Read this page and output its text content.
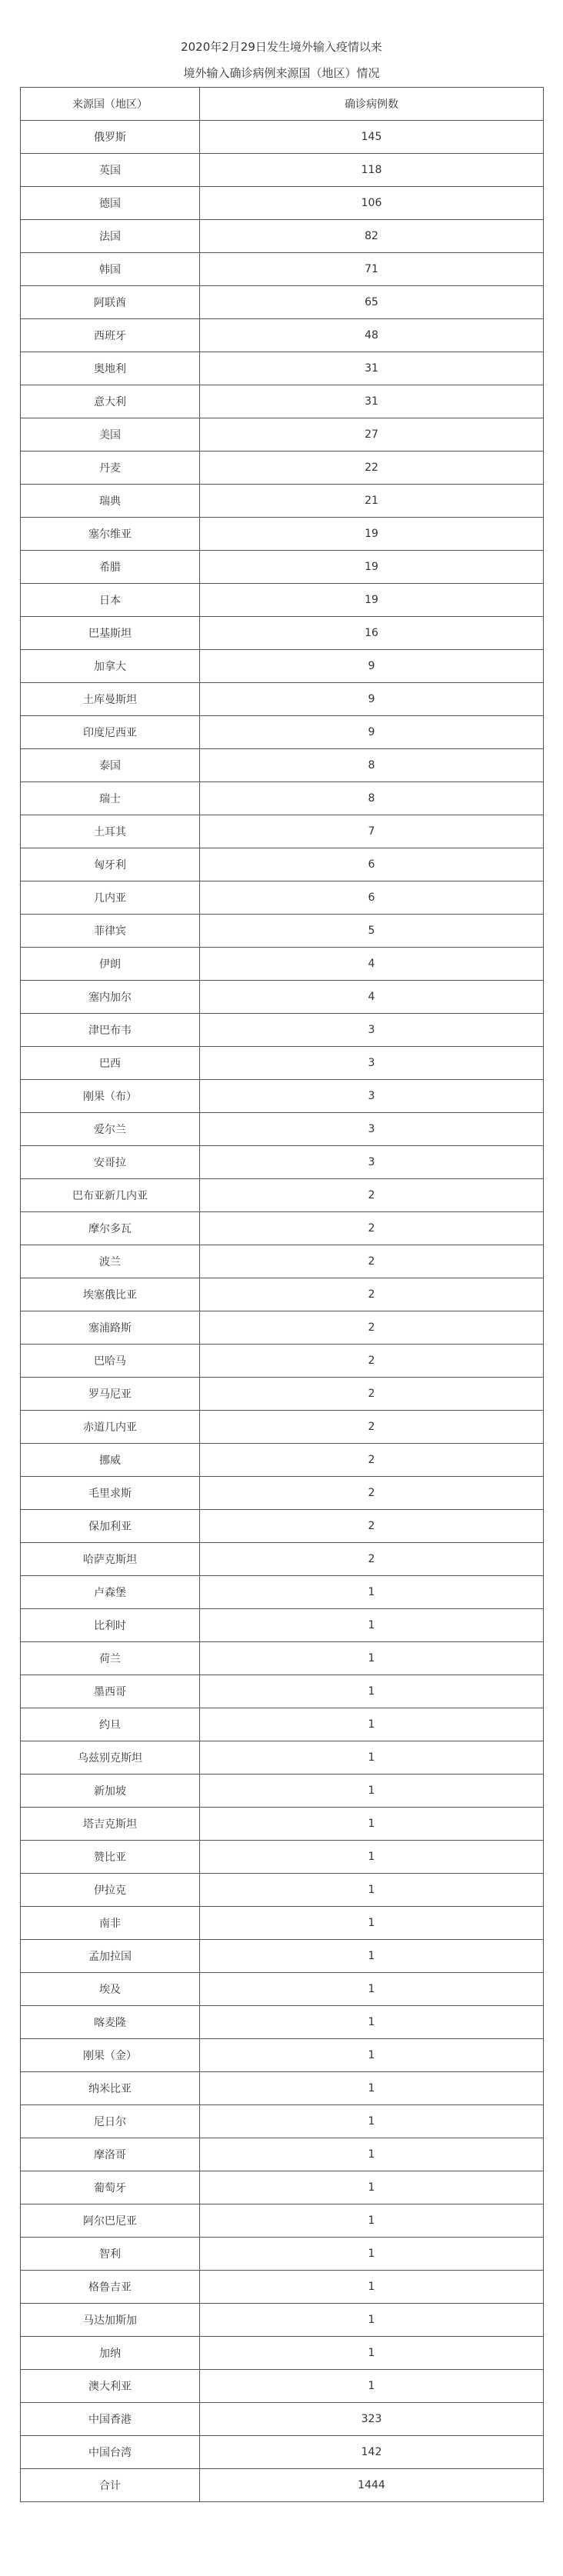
2020年2月29日发生境外输入疫情以来
境外输入确诊病例来源国（地区）情况
来源国（地区）	确诊病例数
俄罗斯	145
英国	118
德国	106
法国	82
韩国	71
阿联酋	65
西班牙	48
奥地利	31
意大利	31
美国	27
丹麦	22
瑞典	21
塞尔维亚	19
希腊	19
日本	19
巴基斯坦	16
加拿大	9
土库曼斯坦	9
印度尼西亚	9
泰国	8
瑞士	8
土耳其	7
匈牙利	6
几内亚	6
菲律宾	5
伊朗	4
塞内加尔	4
津巴布韦	3
巴西	3
刚果（布）	3
爱尔兰	3
安哥拉	3
巴布亚新几内亚	2
摩尔多瓦	2
波兰	2
埃塞俄比亚	2
塞浦路斯	2
巴哈马	2
罗马尼亚	2
赤道几内亚	2
挪威	2
毛里求斯	2
保加利亚	2
哈萨克斯坦	2
卢森堡	1
比利时	1
荷兰	1
墨西哥	1
约旦	1
乌兹别克斯坦	1
新加坡	1
塔吉克斯坦	1
赞比亚	1
伊拉克	1
南非	1
孟加拉国	1
埃及	1
喀麦隆	1
刚果（金）	1
纳米比亚	1
尼日尔	1
摩洛哥	1
葡萄牙	1
阿尔巴尼亚	1
智利	1
格鲁吉亚	1
马达加斯加	1
加纳	1
澳大利亚	1
中国香港	323
中国台湾	142
合计	1444
